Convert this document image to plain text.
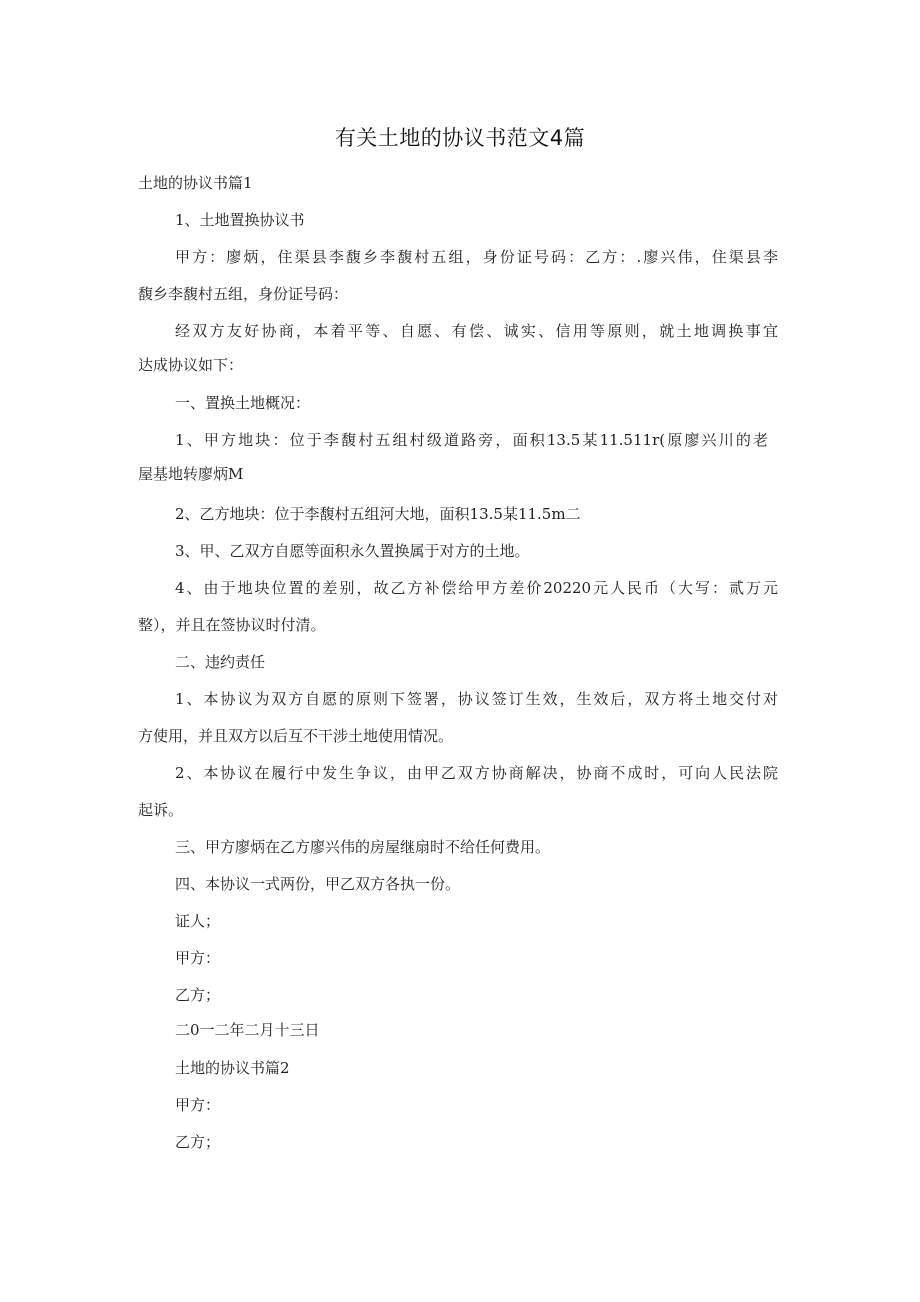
有关土地的协议书范文4篇
土地的协议书篇1
1、土地置换协议书
甲方：廖炳，住渠县李馥乡李馥村五组，身份证号码：乙方：.廖兴伟，住渠县李
馥乡李馥村五组，身份证号码：
经双方友好协商，本着平等、自愿、有偿、诚实、信用等原则，就土地调换事宜
达成协议如下：
一、置换土地概况：
1、甲方地块：位于李馥村五组村级道路旁，面积13.5某11.511r(原廖兴川的老
屋基地转廖炳M
2、乙方地块：位于李馥村五组河大地，面积13.5某11.5m二
3、甲、乙双方自愿等面积永久置换属于对方的土地。
4、由于地块位置的差别，故乙方补偿给甲方差价20220元人民币（大写：贰万元
整），并且在签协议时付清。
二、违约责任
1、本协议为双方自愿的原则下签署，协议签订生效，生效后，双方将土地交付对
方使用，并且双方以后互不干涉土地使用情况。
2、本协议在履行中发生争议，由甲乙双方协商解决，协商不成时，可向人民法院
起诉。
三、甲方廖炳在乙方廖兴伟的房屋继扇时不给任何费用。
四、本协议一式两份，甲乙双方各执一份。
证人；
甲方：
乙方；
二0一二年二月十三日
土地的协议书篇2
甲方：
乙方；
